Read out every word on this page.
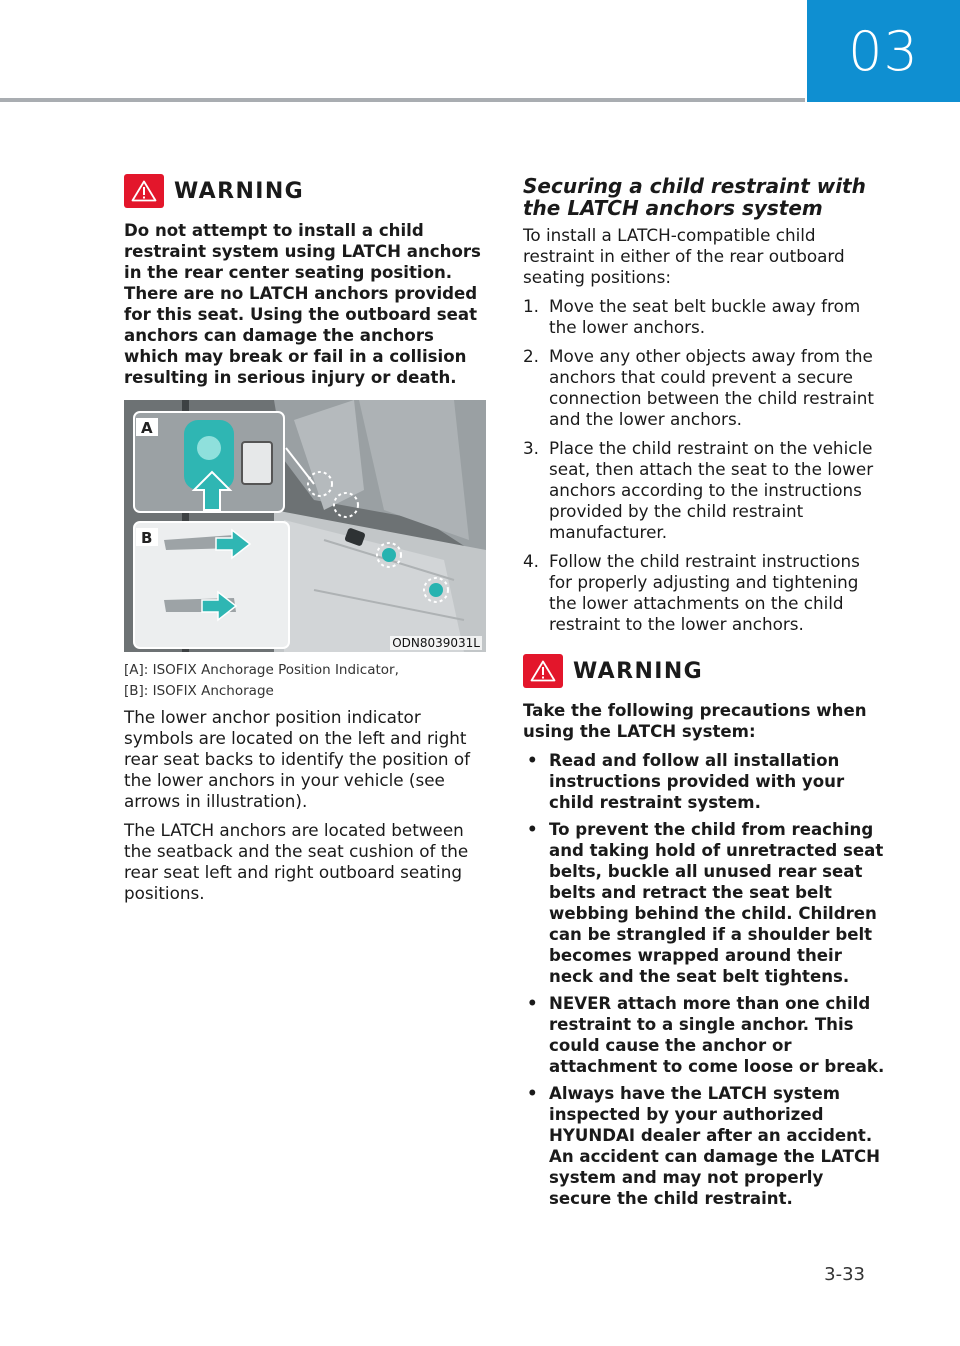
03
WARNING
Do not attempt to install a child restraint system using LATCH anchors in the rear center seating position. There are no LATCH anchors provided for this seat. Using the outboard seat anchors can damage the anchors which may break or fail in a collision resulting in serious injury or death.
A
B
ODN8039031L
[A]: ISOFIX Anchorage Position Indicator,
[B]: ISOFIX Anchorage

The lower anchor position indicator symbols are located on the left and right rear seat backs to identify the position of the lower anchors in your vehicle (see arrows in illustration).

The LATCH anchors are located between the seatback and the seat cushion of the rear seat left and right outboard seating positions.

Securing a child restraint with the LATCH anchors system

To install a LATCH-compatible child restraint in either of the rear outboard seating positions:

1. Move the seat belt buckle away from the lower anchors.
2. Move any other objects away from the anchors that could prevent a secure connection between the child restraint and the lower anchors.
3. Place the child restraint on the vehicle seat, then attach the seat to the lower anchors according to the instructions provided by the child restraint manufacturer.
4. Follow the child restraint instructions for properly adjusting and tightening the lower attachments on the child restraint to the lower anchors.
WARNING
Take the following precautions when using the LATCH system:
• Read and follow all installation instructions provided with your child restraint system.
• To prevent the child from reaching and taking hold of unretracted seat belts, buckle all unused rear seat belts and retract the seat belt webbing behind the child. Children can be strangled if a shoulder belt becomes wrapped around their neck and the seat belt tightens.
• NEVER attach more than one child restraint to a single anchor. This could cause the anchor or attachment to come loose or break.
• Always have the LATCH system inspected by your authorized HYUNDAI dealer after an accident. An accident can damage the LATCH system and may not properly secure the child restraint.
3-33
